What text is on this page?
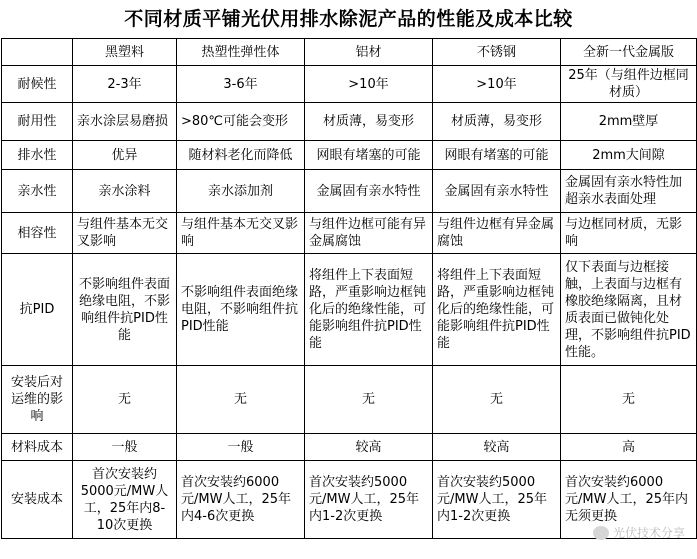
不同材质平铺光伏用排水除泥产品的性能及成本比较
	黑塑料	热塑性弹性体	铝材	不锈钢	全新一代金属版
耐候性	2-3年	3-6年	>10年	>10年	25年（与组件边框同材质）
耐用性	亲水涂层易磨损	>80℃可能会变形	材质薄，易变形	材质薄，易变形	2mm壁厚
排水性	优异	随材料老化而降低	网眼有堵塞的可能	网眼有堵塞的可能	2mm大间隙
亲水性	亲水涂料	亲水添加剂	金属固有亲水特性	金属固有亲水特性	金属固有亲水特性加超亲水表面处理
相容性	与组件基本无交叉影响	与组件基本无交叉影响	与组件边框可能有异金属腐蚀	与组件边框有异金属腐蚀	与边框同材质，无影响
抗PID	不影响组件表面绝缘电阻，不影响组件抗PID性能	不影响组件表面绝缘电阻，不影响组件抗PID性能	将组件上下表面短路，严重影响边框钝化后的绝缘性能，可能影响组件抗PID性能	将组件上下表面短路，严重影响边框钝化后的绝缘性能，可能影响组件抗PID性能	仅下表面与边框接触，上表面与边框有橡胶绝缘隔离，且材质表面已做钝化处理，不影响组件抗PID性能。
安装后对运维的影响	无	无	无	无	无
材料成本	一般	一般	较高	较高	高
安装成本	首次安装约5000元/MW人工，25年内8-10次更换	首次安装约6000元/MW人工，25年内4-6次更换	首次安装约5000元/MW人工，25年内1-2次更换	首次安装约5000元/MW人工，25年内1-2次更换	首次安装约6000元/MW人工，25年内无须更换
光伏技术分享
